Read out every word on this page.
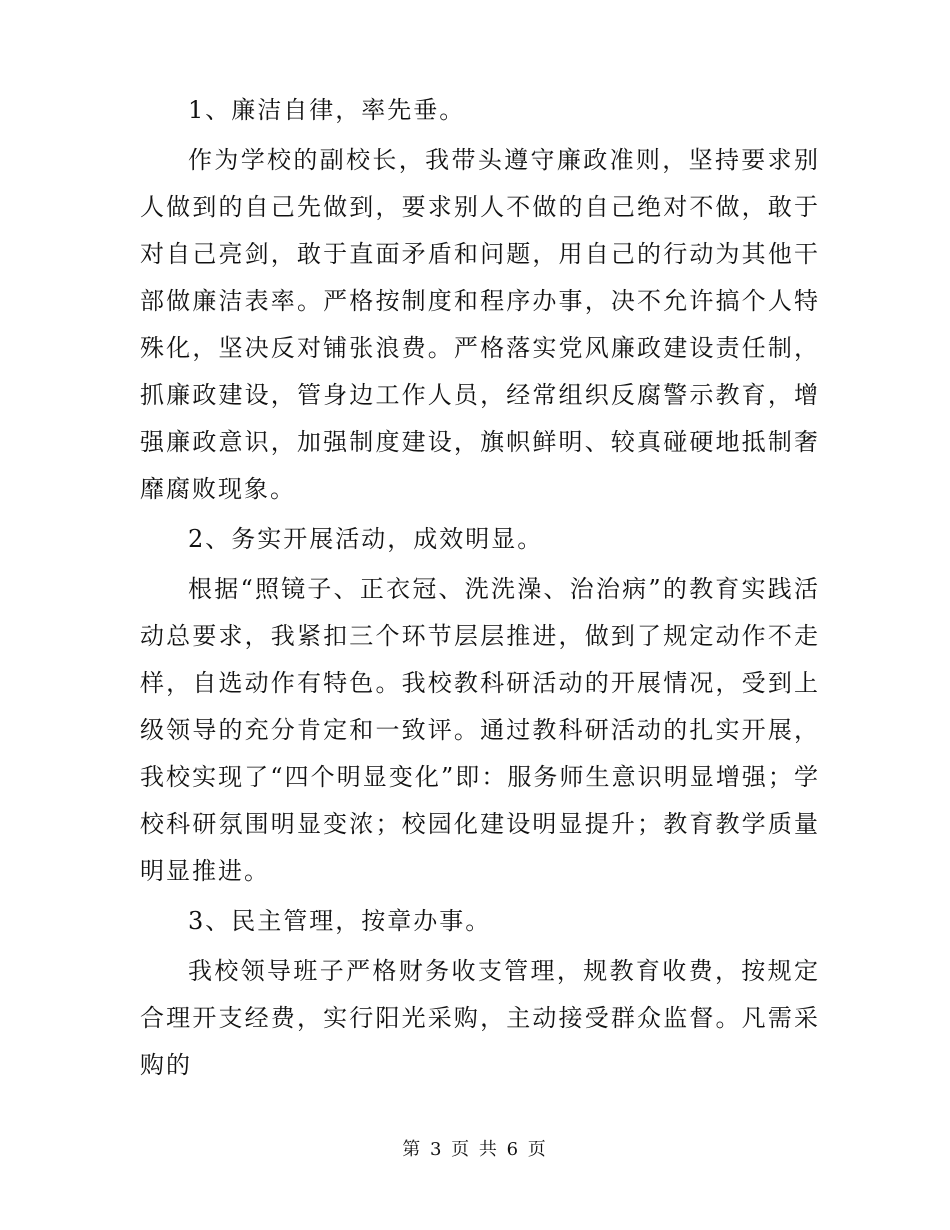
1、廉洁自律，率先垂。

作为学校的副校长，我带头遵守廉政准则，坚持要求别人做到的自己先做到，要求别人不做的自己绝对不做，敢于对自己亮剑，敢于直面矛盾和问题，用自己的行动为其他干部做廉洁表率。严格按制度和程序办事，决不允许搞个人特殊化，坚决反对铺张浪费。严格落实党风廉政建设责任制，抓廉政建设，管身边工作人员，经常组织反腐警示教育，增强廉政意识，加强制度建设，旗帜鲜明、较真碰硬地抵制奢靡腐败现象。

2、务实开展活动，成效明显。

根据“照镜子、正衣冠、洗洗澡、治治病”的教育实践活动总要求，我紧扣三个环节层层推进，做到了规定动作不走样，自选动作有特色。我校教科研活动的开展情况，受到上级领导的充分肯定和一致评。通过教科研活动的扎实开展，我校实现了“四个明显变化”即：服务师生意识明显增强；学校科研氛围明显变浓；校园化建设明显提升；教育教学质量明显推进。

3、民主管理，按章办事。

我校领导班子严格财务收支管理，规教育收费，按规定合理开支经费，实行阳光采购，主动接受群众监督。凡需采购的

第 3 页 共 6 页
